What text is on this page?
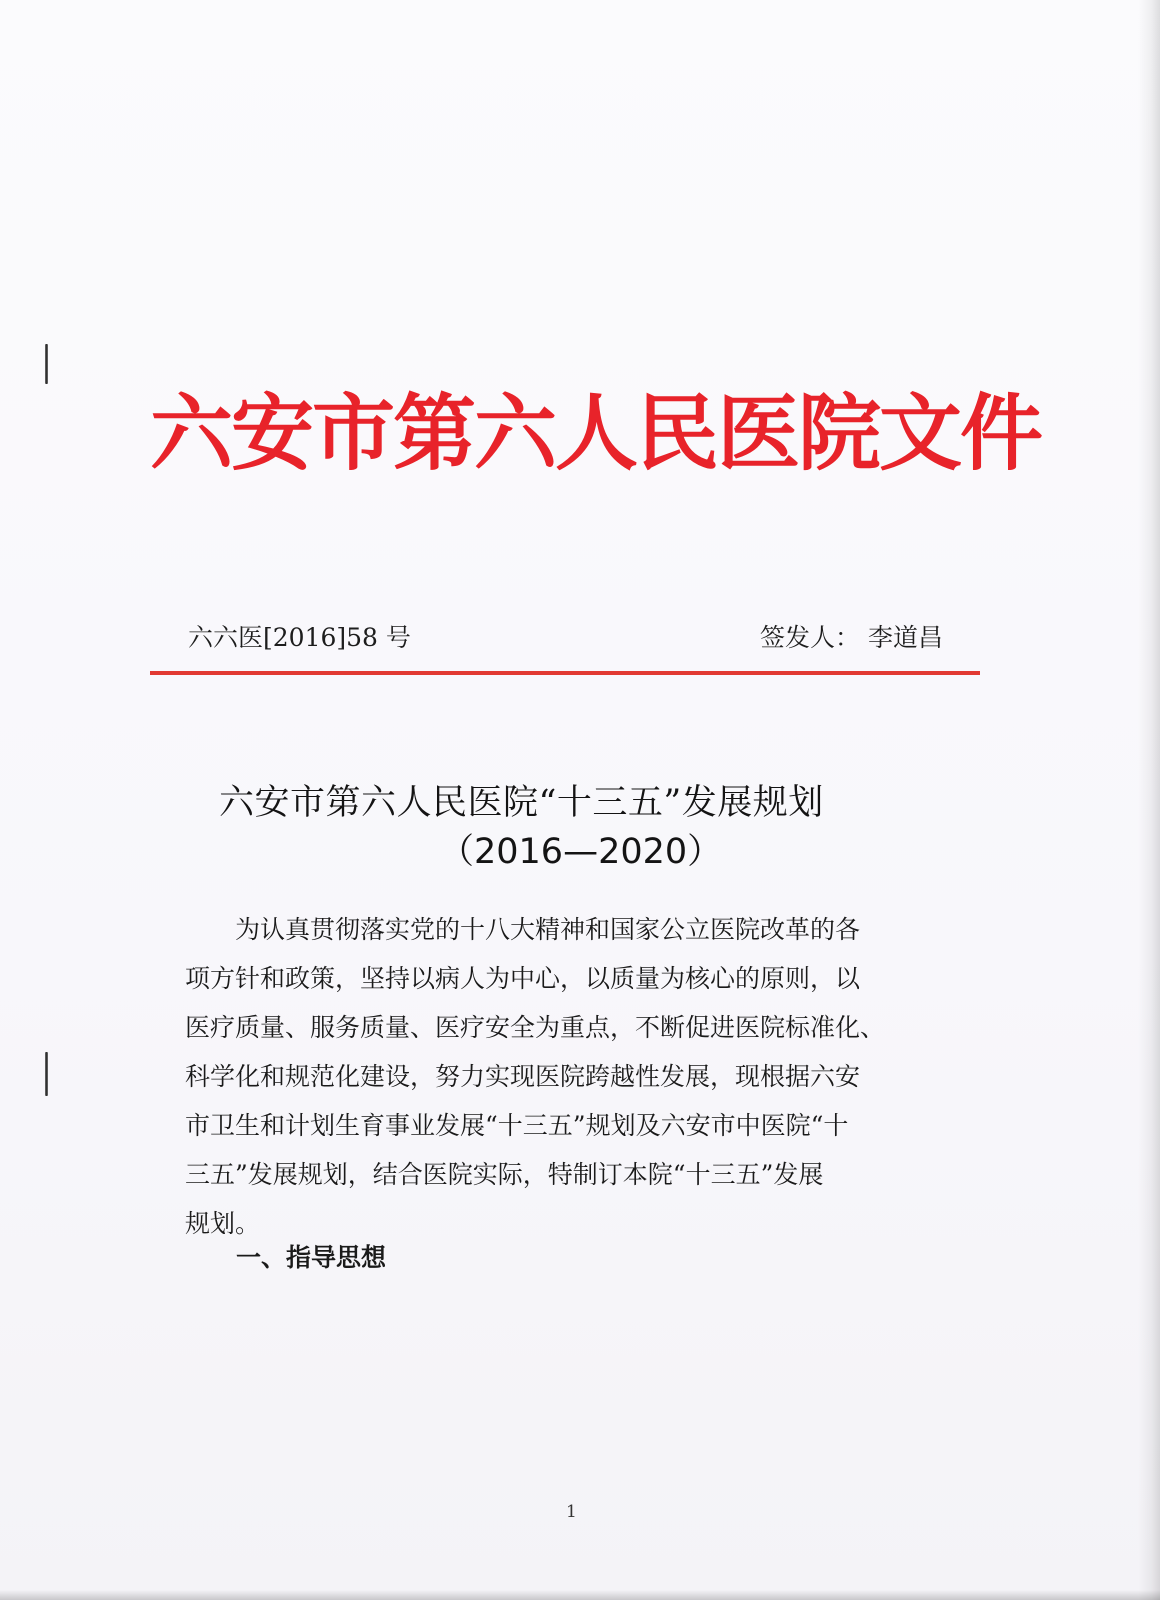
六安市第六人民医院文件
六六医[2016]58 号	签发人： 李道昌
六安市第六人民医院“十三五”发展规划
（2016—2020）
　　为认真贯彻落实党的十八大精神和国家公立医院改革的各
项方针和政策，坚持以病人为中心，以质量为核心的原则，以
医疗质量、服务质量、医疗安全为重点，不断促进医院标准化、
科学化和规范化建设，努力实现医院跨越性发展，现根据六安
市卫生和计划生育事业发展“十三五”规划及六安市中医院“十
三五”发展规划，结合医院实际，特制订本院“十三五”发展
规划。
一、指导思想
1
